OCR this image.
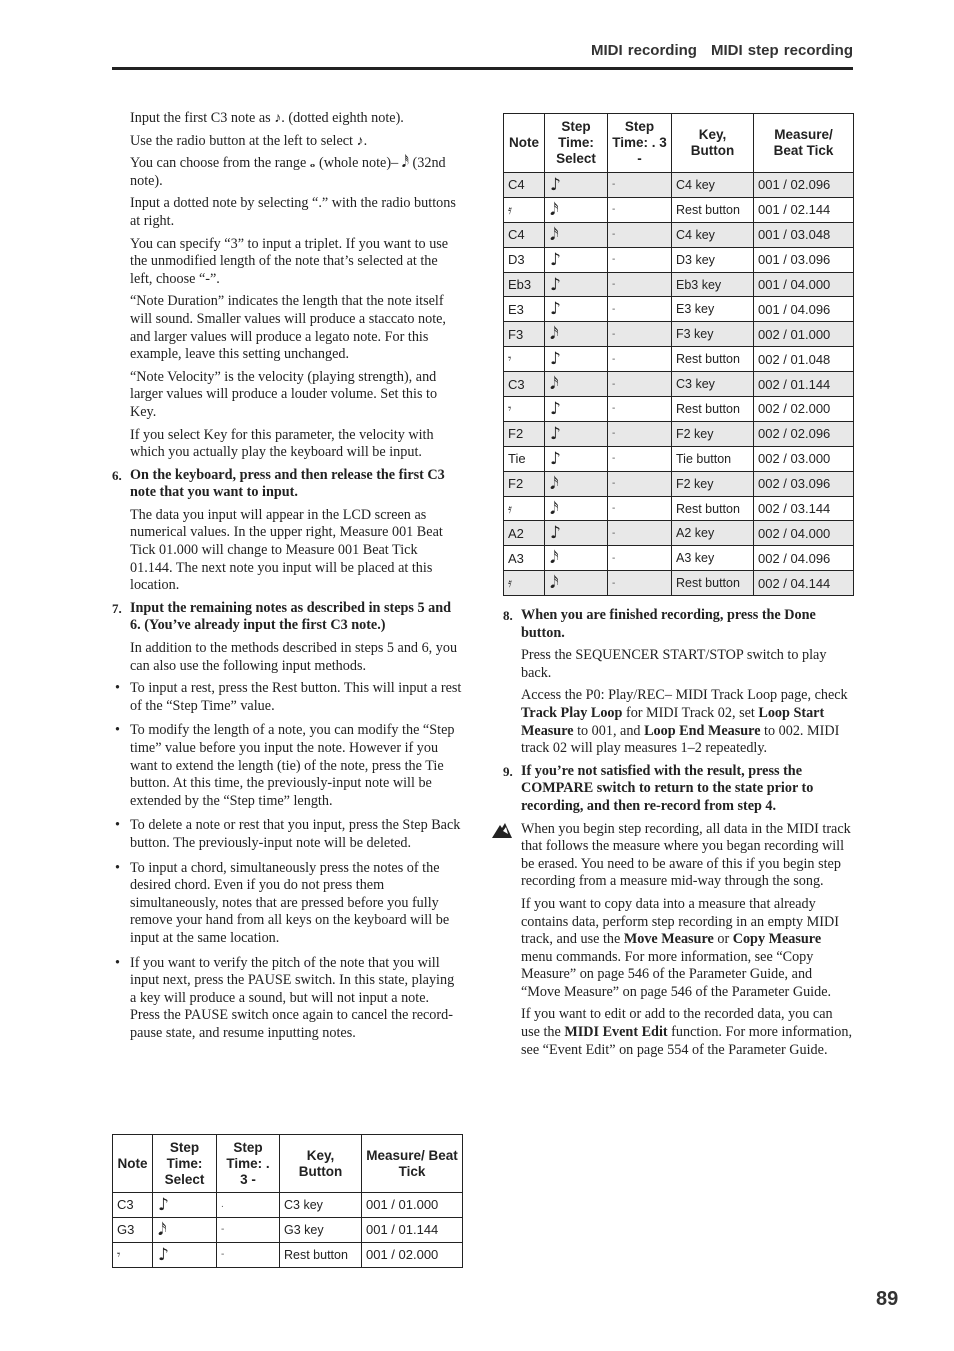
MIDI recording MIDI step recording

Input the first C3 note as ♪. (dotted eighth note).

Use the radio button at the left to select ♪.

You can choose from the range 𝅝 (whole note)– 𝅘𝅥𝅰 (32nd note).

Input a dotted note by selecting “.” with the radio buttons at right.

You can specify “3” to input a triplet. If you want to use the unmodified length of the note that’s selected at the left, choose “-”.

“Note Duration” indicates the length that the note itself will sound. Smaller values will produce a staccato note, and larger values will produce a legato note. For this example, leave this setting unchanged.

“Note Velocity” is the velocity (playing strength), and larger values will produce a louder volume. Set this to Key.

If you select Key for this parameter, the velocity with which you actually play the keyboard will be input.

6. On the keyboard, press and then release the first C3 note that you want to input.

The data you input will appear in the LCD screen as numerical values. In the upper right, Measure 001 Beat Tick 01.000 will change to Measure 001 Beat Tick 01.144. The next note you input will be placed at this location.

7. Input the remaining notes as described in steps 5 and 6. (You’ve already input the first C3 note.)

In addition to the methods described in steps 5 and 6, you can also use the following input methods.

• To input a rest, press the Rest button. This will input a rest of the “Step Time” value.

• To modify the length of a note, you can modify the “Step time” value before you input the note. However if you want to extend the length (tie) of the note, press the Tie button. At this time, the previously-input note will be extended by the “Step time” length.

• To delete a note or rest that you input, press the Step Back button. The previously-input note will be deleted.

• To input a chord, simultaneously press the notes of the desired chord. Even if you do not press them simultaneously, notes that are pressed before you fully remove your hand from all keys on the keyboard will be input at the same location.

• If you want to verify the pitch of the note that you will input next, press the PAUSE switch. In this state, playing a key will produce a sound, but will not input a note. Press the PAUSE switch once again to cancel the record-pause state, and resume inputting notes.

Note	Step Time: Select	Step Time: . 3 -	Key, Button	Measure/ Beat Tick
C3	♪	.	C3 key	001 / 01.000
G3	𝅘𝅥𝅯	-	G3 key	001 / 01.144
𝄾	♪	-	Rest button	001 / 02.000
Note	Step Time: Select	Step Time: . 3 -	Key, Button	Measure/ Beat Tick
C4	♪	-	C4 key	001 / 02.096
𝄿	𝅘𝅥𝅯	-	Rest button	001 / 02.144
C4	𝅘𝅥𝅯	-	C4 key	001 / 03.048
D3	♪	-	D3 key	001 / 03.096
Eb3	♪	-	Eb3 key	001 / 04.000
E3	♪	-	E3 key	001 / 04.096
F3	𝅘𝅥𝅯	-	F3 key	002 / 01.000
𝄾	♪	-	Rest button	002 / 01.048
C3	𝅘𝅥𝅯	-	C3 key	002 / 01.144
𝄾	♪	-	Rest button	002 / 02.000
F2	♪	-	F2 key	002 / 02.096
Tie	♪	-	Tie button	002 / 03.000
F2	𝅘𝅥𝅯	-	F2 key	002 / 03.096
𝄿	𝅘𝅥𝅯	-	Rest button	002 / 03.144
A2	♪	-	A2 key	002 / 04.000
A3	𝅘𝅥𝅯	-	A3 key	002 / 04.096
𝄿	𝅘𝅥𝅯	-	Rest button	002 / 04.144

8. When you are finished recording, press the Done button.

Press the SEQUENCER START/STOP switch to play back.

Access the P0: Play/REC– MIDI Track Loop page, check Track Play Loop for MIDI Track 02, set Loop Start Measure to 001, and Loop End Measure to 002. MIDI track 02 will play measures 1–2 repeatedly.

9. If you’re not satisfied with the result, press the COMPARE switch to return to the state prior to recording, and then re-record from step 4.

When you begin step recording, all data in the MIDI track that follows the measure where you began recording will be erased. You need to be aware of this if you begin step recording from a measure mid-way through the song.

If you want to copy data into a measure that already contains data, perform step recording in an empty MIDI track, and use the Move Measure or Copy Measure menu commands. For more information, see “Copy Measure” on page 546 of the Parameter Guide, and “Move Measure” on page 546 of the Parameter Guide.

If you want to edit or add to the recorded data, you can use the MIDI Event Edit function. For more information, see “Event Edit” on page 554 of the Parameter Guide.

89
